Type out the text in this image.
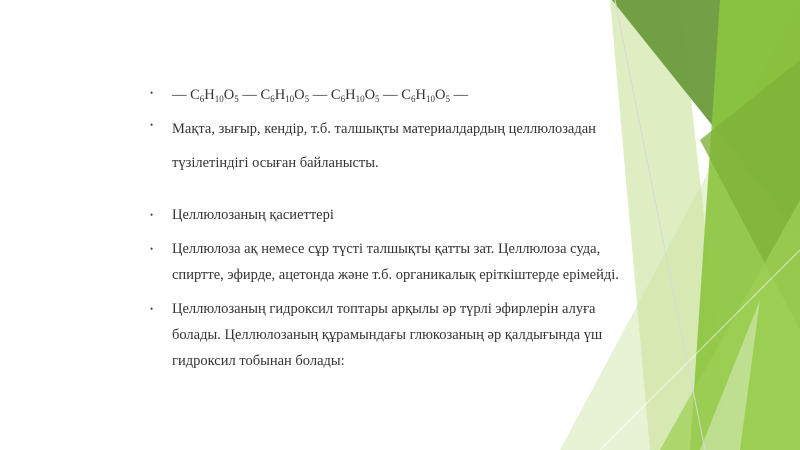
• — $C_6H_{10}O_5$ — $C_6H_{10}O_5$ — $C_6H_{10}O_5$ — $C_6H_{10}O_5$ —
• Мақта, зығыр, кендір, т.б. талшықты материалдардың целлюлозадан түзілетіндігі осыған байланысты.
• Целлюлозаның қасиеттері
• Целлюлоза ақ немесе сұр түсті талшықты қатты зат. Целлюлоза суда, спиртте, эфирде, ацетонда және т.б. органикалық еріткіштерде ерімейді.
• Целлюлозаның гидроксил топтары арқылы әр түрлі эфирлерін алуға болады. Целлюлозаның құрамындағы глюкозаның әр қалдығында үш гидроксил тобынан болады:
